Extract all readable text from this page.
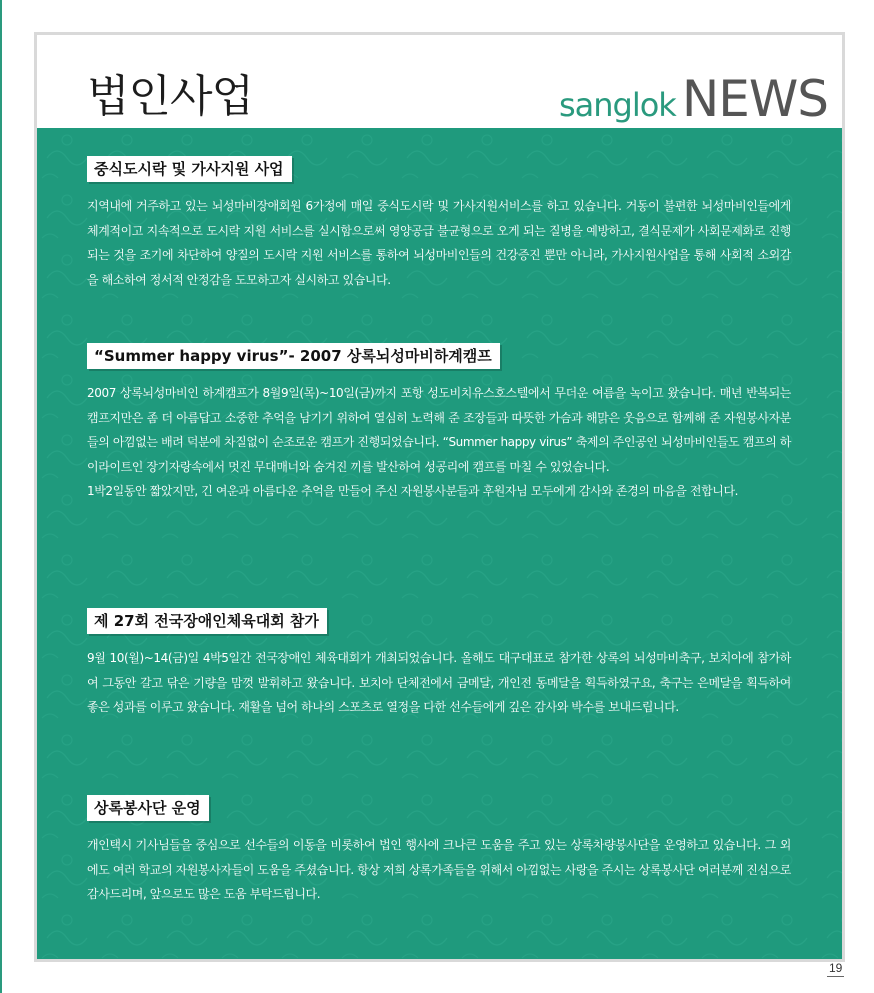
법인사업	sanglok NEWS
중식도시락 및 가사지원 사업
지역내에 거주하고 있는 뇌성마비장애회원 6가정에 매일 중식도시락 및 가사지원서비스를 하고 있습니다. 거동이 불편한 뇌성마비인들에게 체계적이고 지속적으로 도시락 지원 서비스를 실시함으로써 영양공급 불균형으로 오게 되는 질병을 예방하고, 결식문제가 사회문제화로 진행되는 것을 조기에 차단하여 양질의 도시락 지원 서비스를 통하여 뇌성마비인들의 건강증진 뿐만 아니라, 가사지원사업을 통해 사회적 소외감을 해소하여 정서적 안정감을 도모하고자 실시하고 있습니다.
“Summer happy virus”- 2007 상록뇌성마비하계캠프
2007 상록뇌성마비인 하계캠프가 8월9일(목)~10일(금)까지 포항 성도비치유스호스텔에서 무더운 여름을 녹이고 왔습니다. 매년 반복되는 캠프지만은 좀 더 아름답고 소중한 추억을 남기기 위하여 열심히 노력해 준 조장들과 따뜻한 가슴과 해맑은 웃음으로 함께해 준 자원봉사자분들의 아낌없는 배려 덕분에 차질없이 순조로운 캠프가 진행되었습니다. “Summer happy virus” 축제의 주인공인 뇌성마비인들도 캠프의 하이라이트인 장기자랑속에서 멋진 무대매너와 숨겨진 끼를 발산하여 성공리에 캠프를 마칠 수 있었습니다.
1박2일동안 짧았지만, 긴 여운과 아름다운 추억을 만들어 주신 자원봉사분들과 후원자님 모두에게 감사와 존경의 마음을 전합니다.
제 27회 전국장애인체육대회 참가
9월 10(월)~14(금)일 4박5일간 전국장애인 체육대회가 개최되었습니다. 올해도 대구대표로 참가한 상록의 뇌성마비축구, 보치아에 참가하여 그동안 갈고 닦은 기량을 맘껏 발휘하고 왔습니다. 보치아 단체전에서 금메달, 개인전 동메달을 획득하였구요, 축구는 은메달을 획득하여 좋은 성과를 이루고 왔습니다. 재활을 넘어 하나의 스포츠로 열정을 다한 선수들에게 깊은 감사와 박수를 보내드립니다.
상록봉사단 운영
개인택시 기사님들을 중심으로 선수들의 이동을 비롯하여 법인 행사에 크나큰 도움을 주고 있는 상록차량봉사단을 운영하고 있습니다. 그 외에도 여러 학교의 자원봉사자들이 도움을 주셨습니다. 항상 저희 상록가족들을 위해서 아낌없는 사랑을 주시는 상록봉사단 여러분께 진심으로 감사드리며, 앞으로도 많은 도움 부탁드립니다.
19
